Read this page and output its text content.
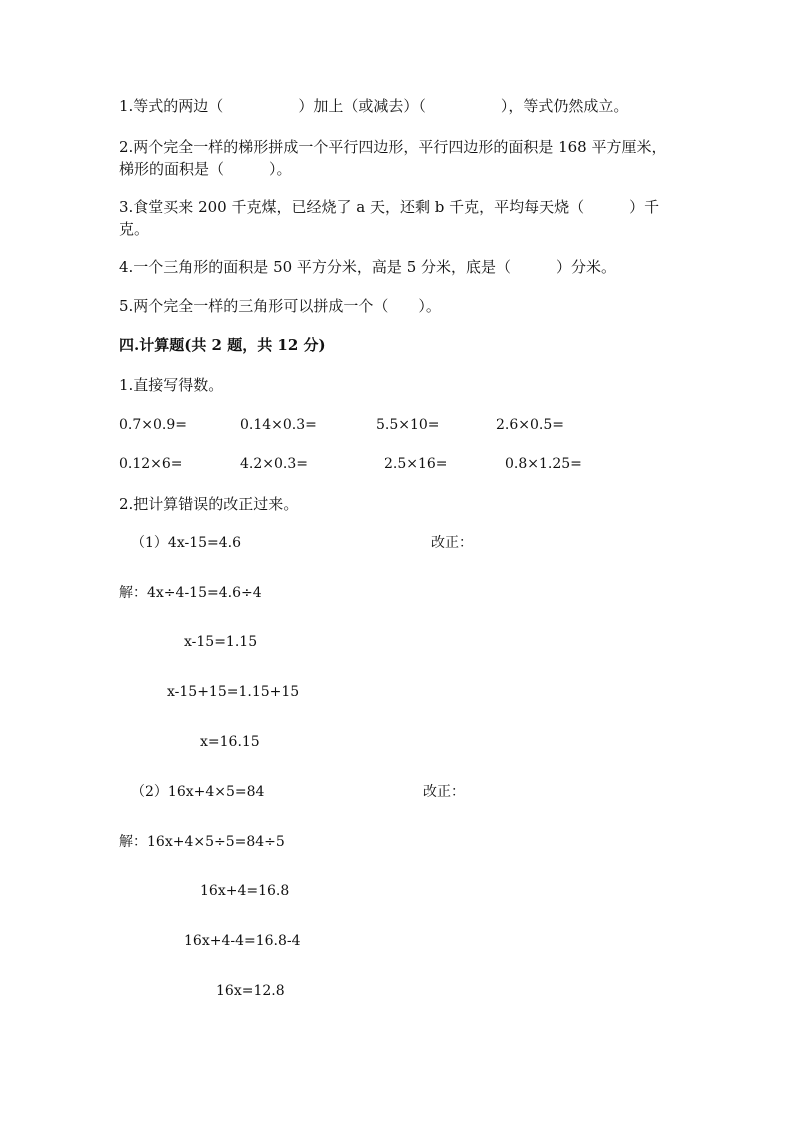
1.等式的两边（　　　　　）加上（或减去）（　　　　　），等式仍然成立。
2.两个完全一样的梯形拼成一个平行四边形，平行四边形的面积是 168 平方厘米，梯形的面积是（　　　）。
3.食堂买来 200 千克煤，已经烧了 a 天，还剩 b 千克，平均每天烧（　　　）千克。
4.一个三角形的面积是 50 平方分米，高是 5 分米，底是（　　　）分米。
5.两个完全一样的三角形可以拼成一个（　　）。
四.计算题(共 2 题，共 12 分)
1.直接写得数。
0.7×0.9=	0.14×0.3=	5.5×10=	2.6×0.5=
0.12×6=	4.2×0.3=	2.5×16=	0.8×1.25=
2.把计算错误的改正过来。
（1）4x-15=4.6	改正：
解：4x÷4-15=4.6÷4
x-15=1.15
x-15+15=1.15+15
x=16.15
（2）16x+4×5=84	改正：
解：16x+4×5÷5=84÷5
16x+4=16.8
16x+4-4=16.8-4
16x=12.8
